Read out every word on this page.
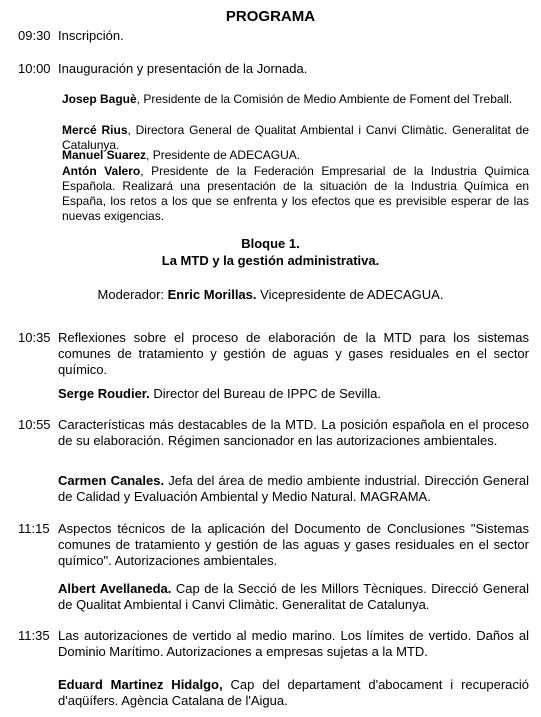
PROGRAMA
09:30 Inscripción.
10:00 Inauguración y presentación de la Jornada.
Josep Baguè, Presidente de la Comisión de Medio Ambiente de Foment del Treball.
Mercé Rius, Directora General de Qualitat Ambiental i Canvi Climàtic. Generalitat de Catalunya.
Manuel Suarez, Presidente de ADECAGUA.
Antón Valero, Presidente de la Federación Empresarial de la Industria Química Española. Realizará una presentación de la situación de la Industria Química en España, los retos a los que se enfrenta y los efectos que es previsible esperar de las nuevas exigencias.
Bloque 1.
La MTD y la gestión administrativa.
Moderador: Enric Morillas. Vicepresidente de ADECAGUA.
10:35 Reflexiones sobre el proceso de elaboración de la MTD para los sistemas comunes de tratamiento y gestión de aguas y gases residuales en el sector químico.
Serge Roudier. Director del Bureau de IPPC de Sevilla.
10:55 Características más destacables de la MTD. La posición española en el proceso de su elaboración. Régimen sancionador en las autorizaciones ambientales.
Carmen Canales. Jefa del área de medio ambiente industrial. Dirección General de Calidad y Evaluación Ambiental y Medio Natural. MAGRAMA.
11:15 Aspectos técnicos de la aplicación del Documento de Conclusiones "Sistemas comunes de tratamiento y gestión de las aguas y gases residuales en el sector químico". Autorizaciones ambientales.
Albert Avellaneda. Cap de la Secció de les Millors Tècniques. Direcció General de Qualitat Ambiental i Canvi Climàtic. Generalitat de Catalunya.
11:35 Las autorizaciones de vertido al medio marino. Los límites de vertido. Daños al Dominio Marítimo. Autorizaciones a empresas sujetas a la MTD.
Eduard Martinez Hidalgo, Cap del departament d'abocament i recuperació d'aqüífers. Agència Catalana de l'Aigua.
